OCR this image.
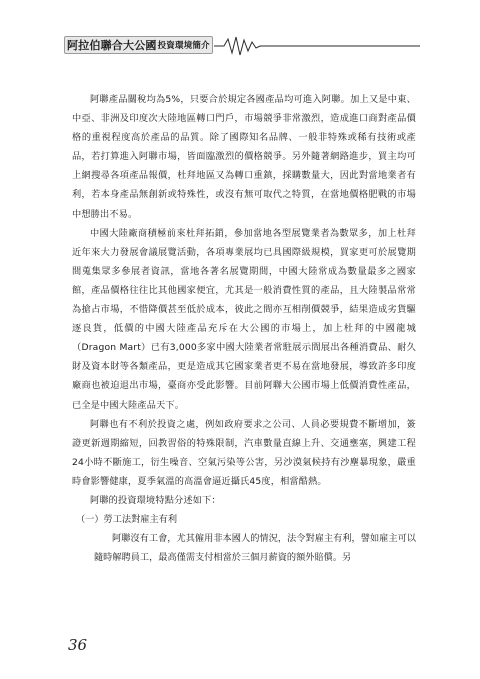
阿拉伯聯合大公國 投資環境簡介

阿聯產品關稅均為5%，只要合於規定各國產品均可進入阿聯。加上又是中東、中亞、非洲及印度次大陸地區轉口門戶，市場競爭非常激烈，造成進口商對產品價格的重視程度高於產品的品質。除了國際知名品牌、一般非特殊或稀有技術或產品，若打算進入阿聯市場，皆面臨激烈的價格競爭。另外隨著網路進步，買主均可上網搜尋各項產品報價，杜拜地區又為轉口重鎮，採購數量大，因此對當地業者有利，若本身產品無創新或特殊性，或沒有無可取代之特質，在當地價格肥戰的市場中想勝出不易。

中國大陸廠商積極前來杜拜拓銷，參加當地各型展覽業者為數眾多，加上杜拜近年來大力發展會議展覽活動，各項專業展均已具國際級規模，買家更可於展覽期間蒐集眾多參展者資訊，當地各著名展覽期間，中國大陸常成為數量最多之國家館，產品價格往往比其他國家便宜，尤其是一般消費性質的產品，且大陸製品常常為搶占市場，不惜降價甚至低於成本，彼此之間亦互相削價競爭，結果造成劣貨驅逐良貨，低價的中國大陸產品充斥在大公國的市場上，加上杜拜的中國龍城（Dragon Mart）已有3,000多家中國大陸業者常駐展示間展出各種消費品、耐久財及資本財等各類產品，更是造成其它國家業者更不易在當地發展，導致許多印度廠商也被迫退出市場，臺商亦受此影響。目前阿聯大公國市場上低價消費性產品，已全是中國大陸產品天下。

阿聯也有不利於投資之處，例如政府要求之公司、人員必要規費不斷增加，簽證更新週期縮短，回教習俗的特殊限制，汽車數量直線上升、交通壅塞，興建工程24小時不斷施工，衍生噪音、空氣污染等公害，另沙漠氣候持有沙塵暴現象，嚴重時會影響健康，夏季氣溫的高溫會逼近攝氏45度，相當酷熱。

阿聯的投資環境特點分述如下：

（一）勞工法對雇主有利

阿聯沒有工會，尤其僱用非本國人的情況，法令對雇主有利，譬如雇主可以隨時解聘員工，最高僅需支付相當於三個月薪資的額外賠償。另

36
